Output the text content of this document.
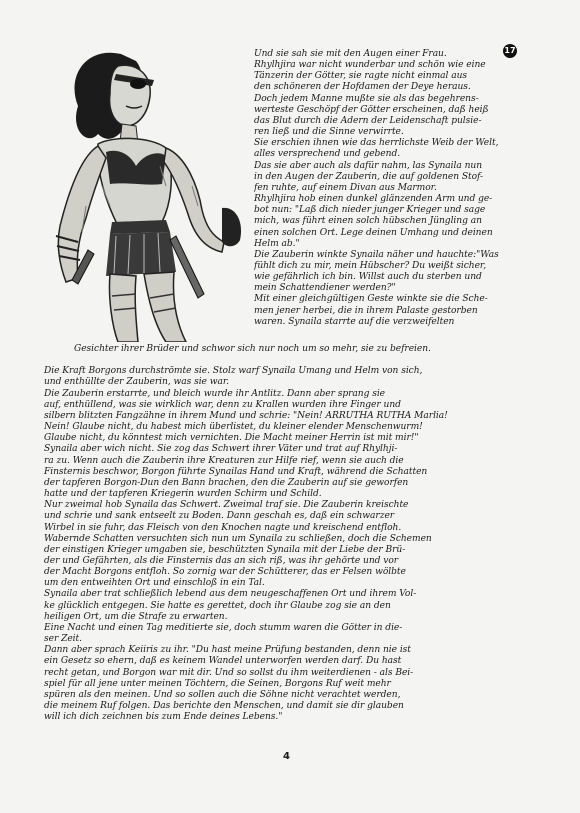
17
Und sie sah sie mit den Augen einer Frau.
Rhylhjira war nicht wunderbar und schön wie eine
Tänzerin der Götter, sie ragte nicht einmal aus
den schöneren der Hofdamen der Deye heraus.
Doch jedem Manne mußte sie als das begehrens-
werteste Geschöpf der Götter erscheinen, daß heiß
das Blut durch die Adern der Leidenschaft pulsie-
ren ließ und die Sinne verwirrte.
Sie erschien ihnen wie das herrlichste Weib der Welt,
alles versprechend und gebend.
Das sie aber auch als dafür nahm, las Synaila nun
in den Augen der Zauberin, die auf goldenen Stof-
fen ruhte, auf einem Divan aus Marmor.
Rhylhjira hob einen dunkel glänzenden Arm und ge-
bot nun: "Laß dich nieder junger Krieger und sage
mich, was führt einen solch hübschen Jüngling an
einen solchen Ort. Lege deinen Umhang und deinen
Helm ab."
Die Zauberin winkte Synaila näher und hauchte:"Was
fühlt dich zu mir, mein Hübscher? Du weißt sicher,
wie gefährlich ich bin. Willst auch du sterben und
mein Schattendiener werden?"
Mit einer gleichgültigen Geste winkte sie die Sche-
men jener herbei, die in ihrem Palaste gestorben
waren. Synaila starrte auf die verzweifelten
Gesichter ihrer Brüder und schwor sich nur noch um so mehr, sie zu befreien.

Die Kraft Borgons durchströmte sie. Stolz warf Synaila Umang und Helm von sich,
und enthüllte der Zauberin, was sie war.
Die Zauberin erstarrte, und bleich wurde ihr Antlitz. Dann aber sprang sie
auf, enthüllend, was sie wirklich war, denn zu Krallen wurden ihre Finger und
silbern blitzten Fangzähne in ihrem Mund und schrie: "Nein! ARRUTHA RUTHA Marlia!
Nein! Glaube nicht, du habest mich überlistet, du kleiner elender Menschenwurm!
Glaube nicht, du könntest mich vernichten. Die Macht meiner Herrin ist mit mir!"
Synaila aber wich nicht. Sie zog das Schwert ihrer Väter und trat auf Rhylhji-
ra zu. Wenn auch die Zauberin ihre Kreaturen zur Hilfe rief, wenn sie auch die
Finsternis beschwor, Borgon führte Synailas Hand und Kraft, während die Schatten
der tapferen Borgon-Dun den Bann brachen, den die Zauberin auf sie geworfen
hatte und der tapferen Kriegerin wurden Schirm und Schild.
Nur zweimal hob Synaila das Schwert. Zweimal traf sie. Die Zauberin kreischte
und schrie und sank entseelt zu Boden. Dann geschah es, daß ein schwarzer
Wirbel in sie fuhr, das Fleisch von den Knochen nagte und kreischend entfloh.
Wabernde Schatten versuchten sich nun um Synaila zu schließen, doch die Schemen
der einstigen Krieger umgaben sie, beschützten Synaila mit der Liebe der Brü-
der und Gefährten, als die Finsternis das an sich riß, was ihr gehörte und vor
der Macht Borgons entfloh. So zornig war der Schütterer, das er Felsen wölbte
um den entweihten Ort und einschloß in ein Tal.
Synaila aber trat schließlich lebend aus dem neugeschaffenen Ort und ihrem Vol-
ke glücklich entgegen. Sie hatte es gerettet, doch ihr Glaube zog sie an den
heiligen Ort, um die Strafe zu erwarten.
Eine Nacht und einen Tag meditierte sie, doch stumm waren die Götter in die-
ser Zeit.
Dann aber sprach Keiiris zu ihr. "Du hast meine Prüfung bestanden, denn nie ist
ein Gesetz so ehern, daß es keinem Wandel unterworfen werden darf. Du hast
recht getan, und Borgon war mit dir. Und so sollst du ihm weiterdienen - als Bei-
spiel für all jene unter meinen Töchtern, die Seinen, Borgons Ruf weit mehr
spüren als den meinen. Und so sollen auch die Söhne nicht verachtet werden,
die meinem Ruf folgen. Das berichte den Menschen, und damit sie dir glauben
will ich dich zeichnen bis zum Ende deines Lebens."
4
